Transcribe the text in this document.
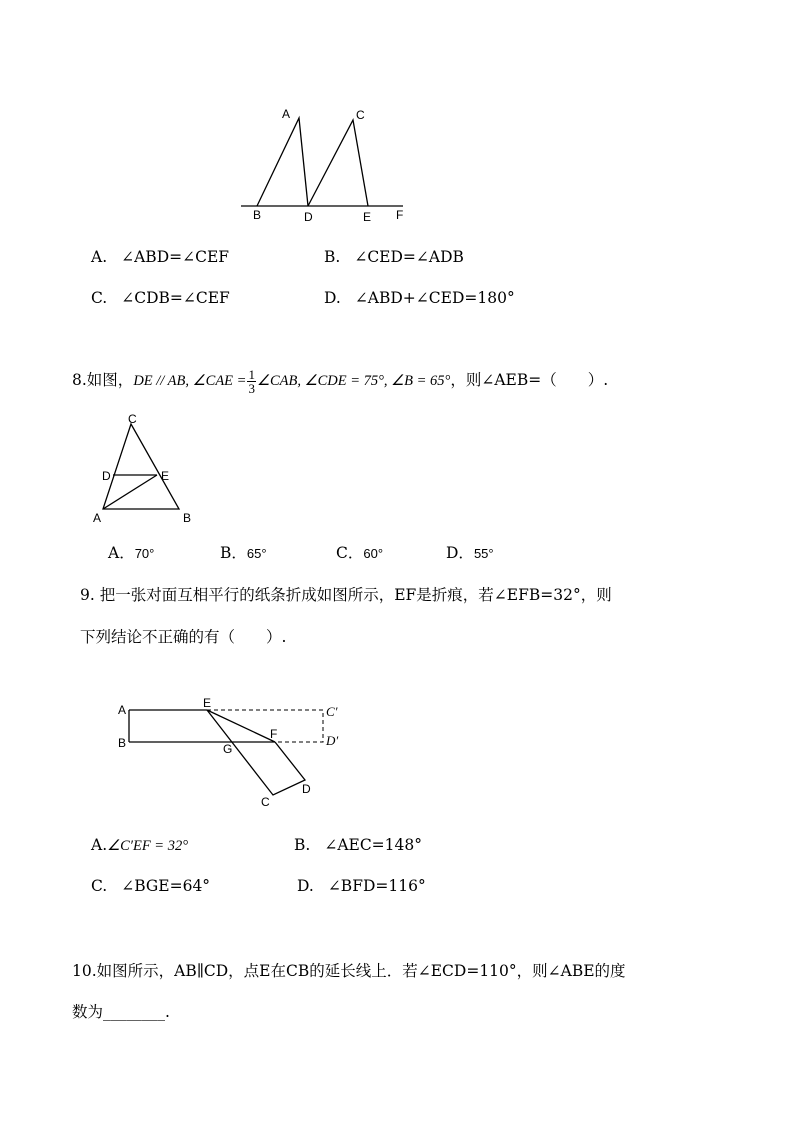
A	C
B	D	E F
A. ∠ABD=∠CEF	B. ∠CED=∠ADB
C. ∠CDB=∠CEF	D. ∠ABD+∠CED=180°
8.如图，DE // AB, ∠CAE = $\frac{1}{3}$ ∠CAB, ∠CDE = 75°, ∠B = 65°，则∠AEB=（　　）.
C
D	E
A	B
A．70°	B．65°	C．60°	D．55°
9. 把一张对面互相平行的纸条折成如图所示，EF是折痕，若∠EFB=32°，则
下列结论不正确的有（　　）.
A
B
E
F
G
C′
D′
C
D
A.∠C′EF = 32°	B. ∠AEC=148°
C. ∠BGE=64°	D. ∠BFD=116°
10.如图所示，AB∥CD，点E在CB的延长线上．若∠ECD=110°，则∠ABE的度
数为________.
